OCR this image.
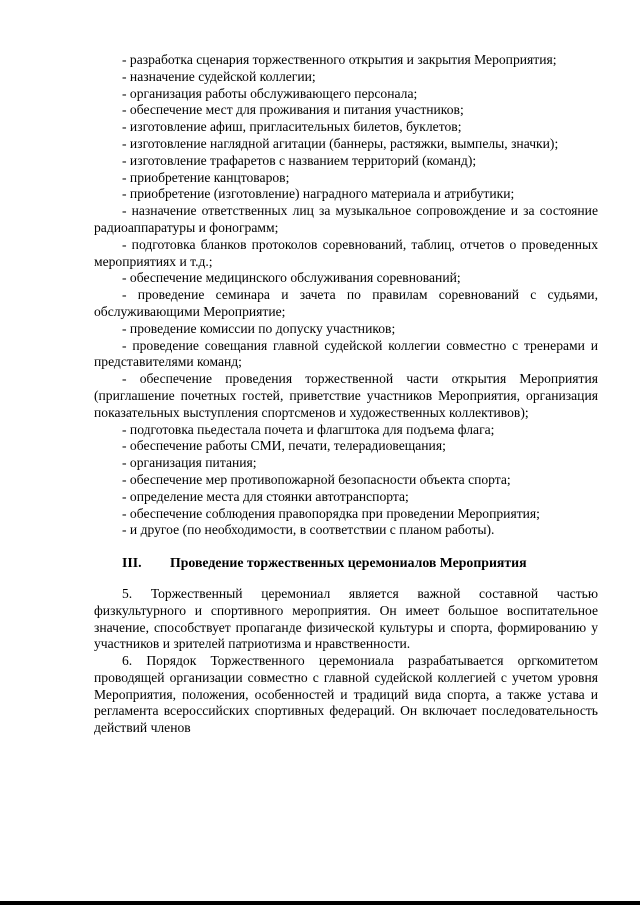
- разработка сценария торжественного открытия и закрытия Мероприятия;

- назначение судейской коллегии;

- организация работы обслуживающего персонала;

- обеспечение мест для проживания и питания участников;

- изготовление афиш, пригласительных билетов, буклетов;

- изготовление наглядной агитации (баннеры, растяжки, вымпелы, значки);

- изготовление трафаретов с названием территорий (команд);

- приобретение канцтоваров;

- приобретение (изготовление) наградного материала и атрибутики;

- назначение ответственных лиц за музыкальное сопровождение и за состояние радиоаппаратуры и фонограмм;

- подготовка бланков протоколов соревнований, таблиц, отчетов о проведенных мероприятиях и т.д.;

- обеспечение медицинского обслуживания соревнований;

- проведение семинара и зачета по правилам соревнований с судьями, обслуживающими Мероприятие;

- проведение комиссии по допуску участников;

- проведение совещания главной судейской коллегии совместно с тренерами и представителями команд;

- обеспечение проведения торжественной части открытия Мероприятия (приглашение почетных гостей, приветствие участников Мероприятия, организация показательных выступления спортсменов и художественных коллективов);

- подготовка пьедестала почета и флагштока для подъема флага;

- обеспечение работы СМИ, печати, телерадиовещания;

- организация питания;

- обеспечение мер противопожарной безопасности объекта спорта;

- определение места для стоянки автотранспорта;

- обеспечение соблюдения правопорядка при проведении Мероприятия;

- и другое (по необходимости, в соответствии с планом работы).

III. Проведение торжественных церемониалов Мероприятия

5. Торжественный церемониал является важной составной частью физкультурного и спортивного мероприятия. Он имеет большое воспитательное значение, способствует пропаганде физической культуры и спорта, формированию у участников и зрителей патриотизма и нравственности.

6. Порядок Торжественного церемониала разрабатывается оргкомитетом проводящей организации совместно с главной судейской коллегией с учетом уровня Мероприятия, положения, особенностей и традиций вида спорта, а также устава и регламента всероссийских спортивных федераций. Он включает последовательность действий членов
